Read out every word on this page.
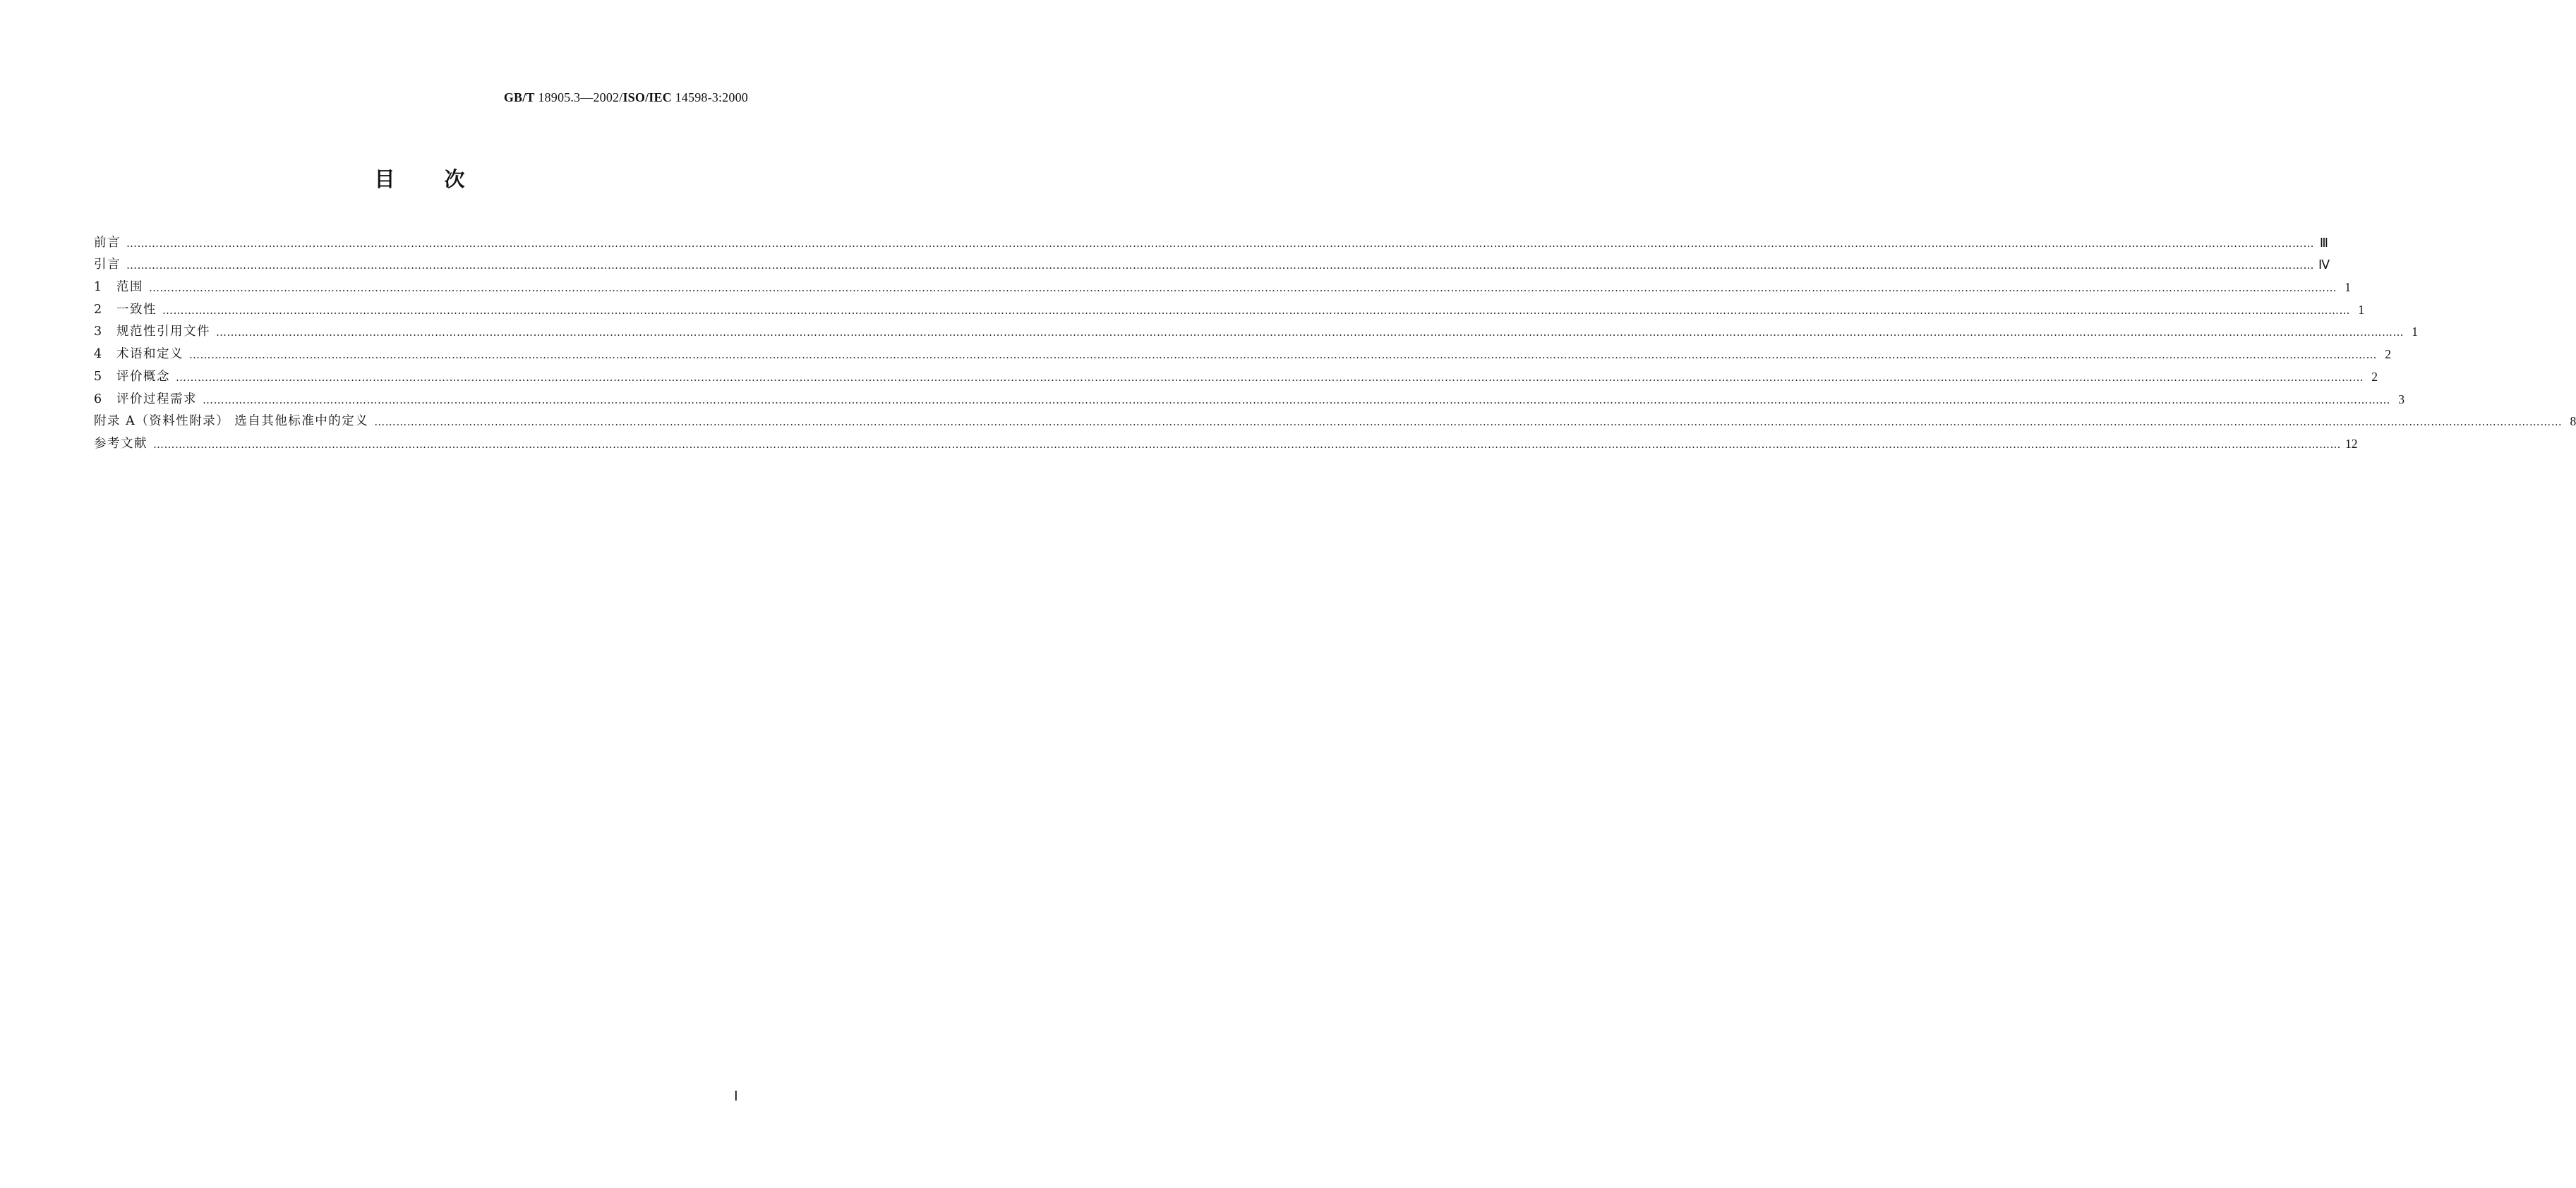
GB/T 18905.3—2002/ISO/IEC 14598-3:2000
目 次
前言 …………………………………………………………………………………………………………………………………………………………………………………………………………………………………………………………………………………………………………………………………………………………………………………………………………………………………………………………………………………………………………………………………………………… Ⅲ
引言 …………………………………………………………………………………………………………………………………………………………………………………………………………………………………………………………………………………………………………………………………………………………………………………………………………………………………………………………………………………………………………………………………………………… Ⅳ
1 范围 …………………………………………………………………………………………………………………………………………………………………………………………………………………………………………………………………………………………………………………………………………………………………………………………………………………………………………………………………………………………………………………………………………………… 1
2 一致性 …………………………………………………………………………………………………………………………………………………………………………………………………………………………………………………………………………………………………………………………………………………………………………………………………………………………………………………………………………………………………………………………………………………… 1
3 规范性引用文件 …………………………………………………………………………………………………………………………………………………………………………………………………………………………………………………………………………………………………………………………………………………………………………………………………………………………………………………………………………………………………………………………………………………… 1
4 术语和定义 …………………………………………………………………………………………………………………………………………………………………………………………………………………………………………………………………………………………………………………………………………………………………………………………………………………………………………………………………………………………………………………………………………………… 2
5 评价概念 …………………………………………………………………………………………………………………………………………………………………………………………………………………………………………………………………………………………………………………………………………………………………………………………………………………………………………………………………………………………………………………………………………………… 2
6 评价过程需求 …………………………………………………………………………………………………………………………………………………………………………………………………………………………………………………………………………………………………………………………………………………………………………………………………………………………………………………………………………………………………………………………………………………… 3
附录 A（资料性附录） 选自其他标准中的定义 …………………………………………………………………………………………………………………………………………………………………………………………………………………………………………………………………………………………………………………………………………………………………………………………………………………………………………………………………………………………………………………………………………………… 8
参考文献 …………………………………………………………………………………………………………………………………………………………………………………………………………………………………………………………………………………………………………………………………………………………………………………………………………………………………………………………………………………………………………………………………………………… 12
Ⅰ
